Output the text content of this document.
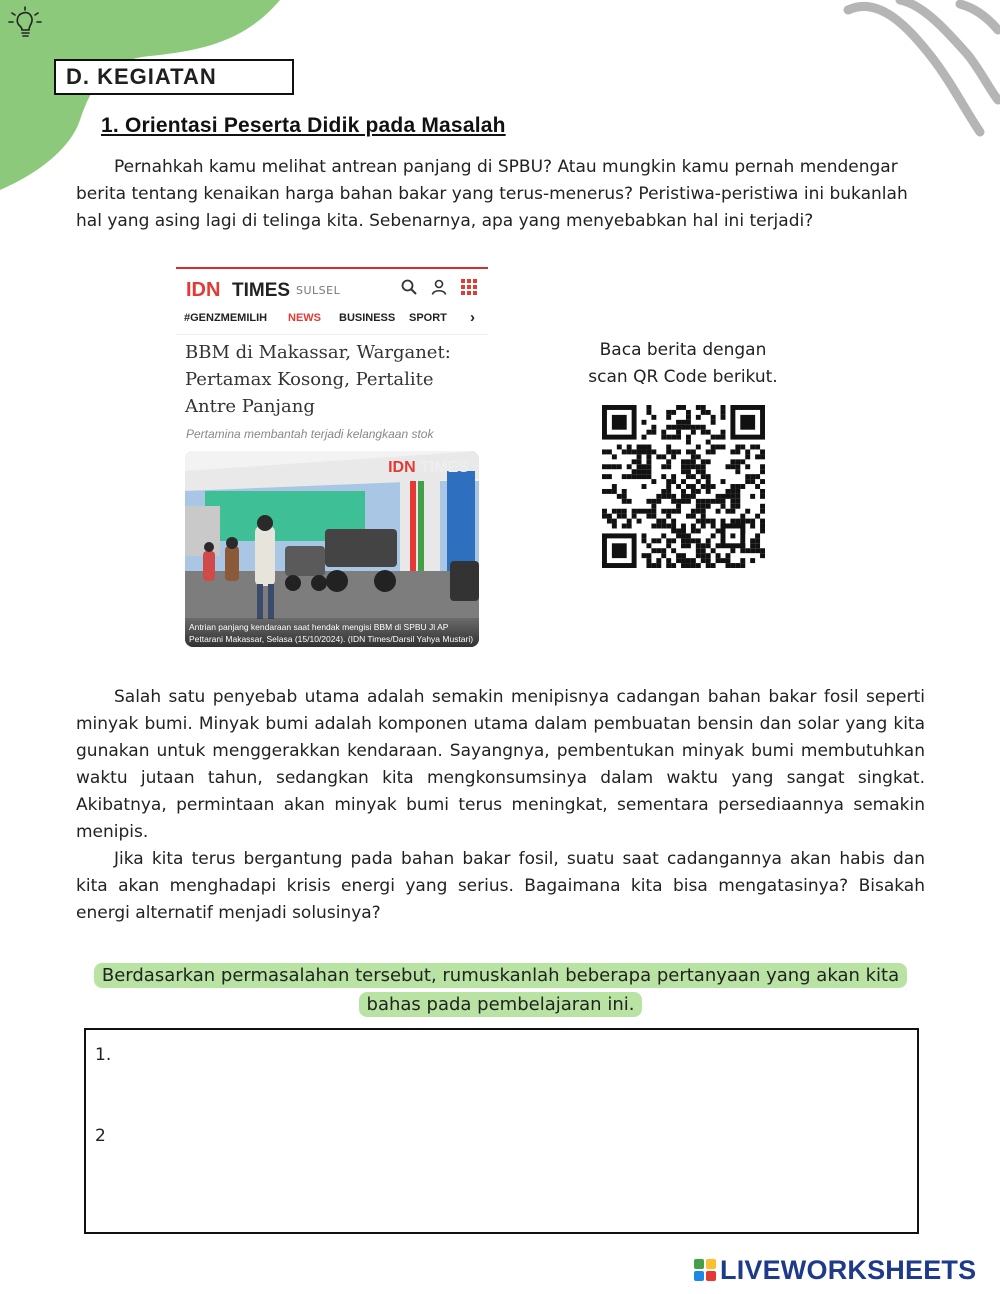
D. KEGIATAN
1. Orientasi Peserta Didik pada Masalah

Pernahkah kamu melihat antrean panjang di SPBU? Atau mungkin kamu pernah mendengar berita tentang kenaikan harga bahan bakar yang terus-menerus? Peristiwa-peristiwa ini bukanlah hal yang asing lagi di telinga kita. Sebenarnya, apa yang menyebabkan hal ini terjadi?

IDN TIMES SULSEL
#GENZMEMILIH NEWS BUSINESS SPORT ›
BBM di Makassar, Warganet: Pertamax Kosong, Pertalite Antre Panjang
Pertamina membantah terjadi kelangkaan stok
IDN TIMES
Antrian panjang kendaraan saat hendak mengisi BBM di SPBU Jl AP Pettarani Makassar, Selasa (15/10/2024). (IDN Times/Darsil Yahya Mustari)
Baca berita dengan
scan QR Code berikut.

Salah satu penyebab utama adalah semakin menipisnya cadangan bahan bakar fosil seperti minyak bumi. Minyak bumi adalah komponen utama dalam pembuatan bensin dan solar yang kita gunakan untuk menggerakkan kendaraan. Sayangnya, pembentukan minyak bumi membutuhkan waktu jutaan tahun, sedangkan kita mengkonsumsinya dalam waktu yang sangat singkat. Akibatnya, permintaan akan minyak bumi terus meningkat, sementara persediaannya semakin menipis.

Jika kita terus bergantung pada bahan bakar fosil, suatu saat cadangannya akan habis dan kita akan menghadapi krisis energi yang serius. Bagaimana kita bisa mengatasinya? Bisakah energi alternatif menjadi solusinya?

Berdasarkan permasalahan tersebut, rumuskanlah beberapa pertanyaan yang akan kita
bahas pada pembelajaran ini.
1.
2
LIVEWORKSHEETS
